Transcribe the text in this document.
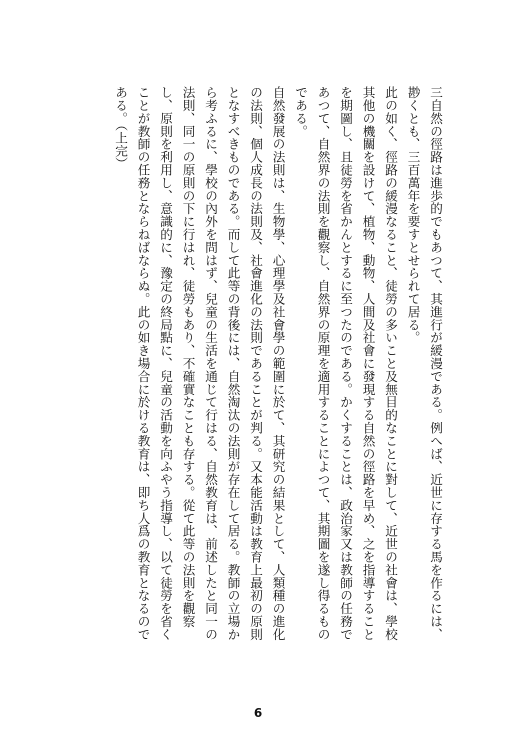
三自然の徑路は進歩的でもあつて、其進行が緩漫である。例へば、近世に存する馬を作るには、尠くとも、三百萬年を要すとせられて居る。

此の如く、徑路の緩漫なること、徒勞の多いこと及無目的なことに對して、近世の社會は、學校其他の機關を設けて、植物、動物、人間及社會に發現する自然の徑路を早め、之を指導することを期圖し、且徒勞を省かんとするに至つたのである。かくすることは、政治家又は教師の任務であつて、自然界の法則を觀察し、自然界の原理を適用することによつて、其期圖を遂し得るものである。

自然發展の法則は、生物學、心理學及社會學の範圍に於て、其研究の結果として、人類種の進化の法則、個人成長の法則及、社會進化の法則であることが判る。又本能活動は教育上最初の原則となすべきものである。而して此等の背後には、自然淘汰の法則が存在して居る。教師の立場から考ふるに、學校の內外を問はず、兒童の生活を通じて行はる、自然教育は、前述したと同一の法則、同一の原則の下に行はれ、徒勞もあり、不確實なことも存する。從て此等の法則を觀察し、原則を利用し、意識的に、豫定の終局點に、兒童の活動を向ふやう指導し、以て徒勞を省くことが教師の任務とならねばならぬ。此の如き場合に於ける教育は、即ち人爲の教育となるのである。（上完）

6
